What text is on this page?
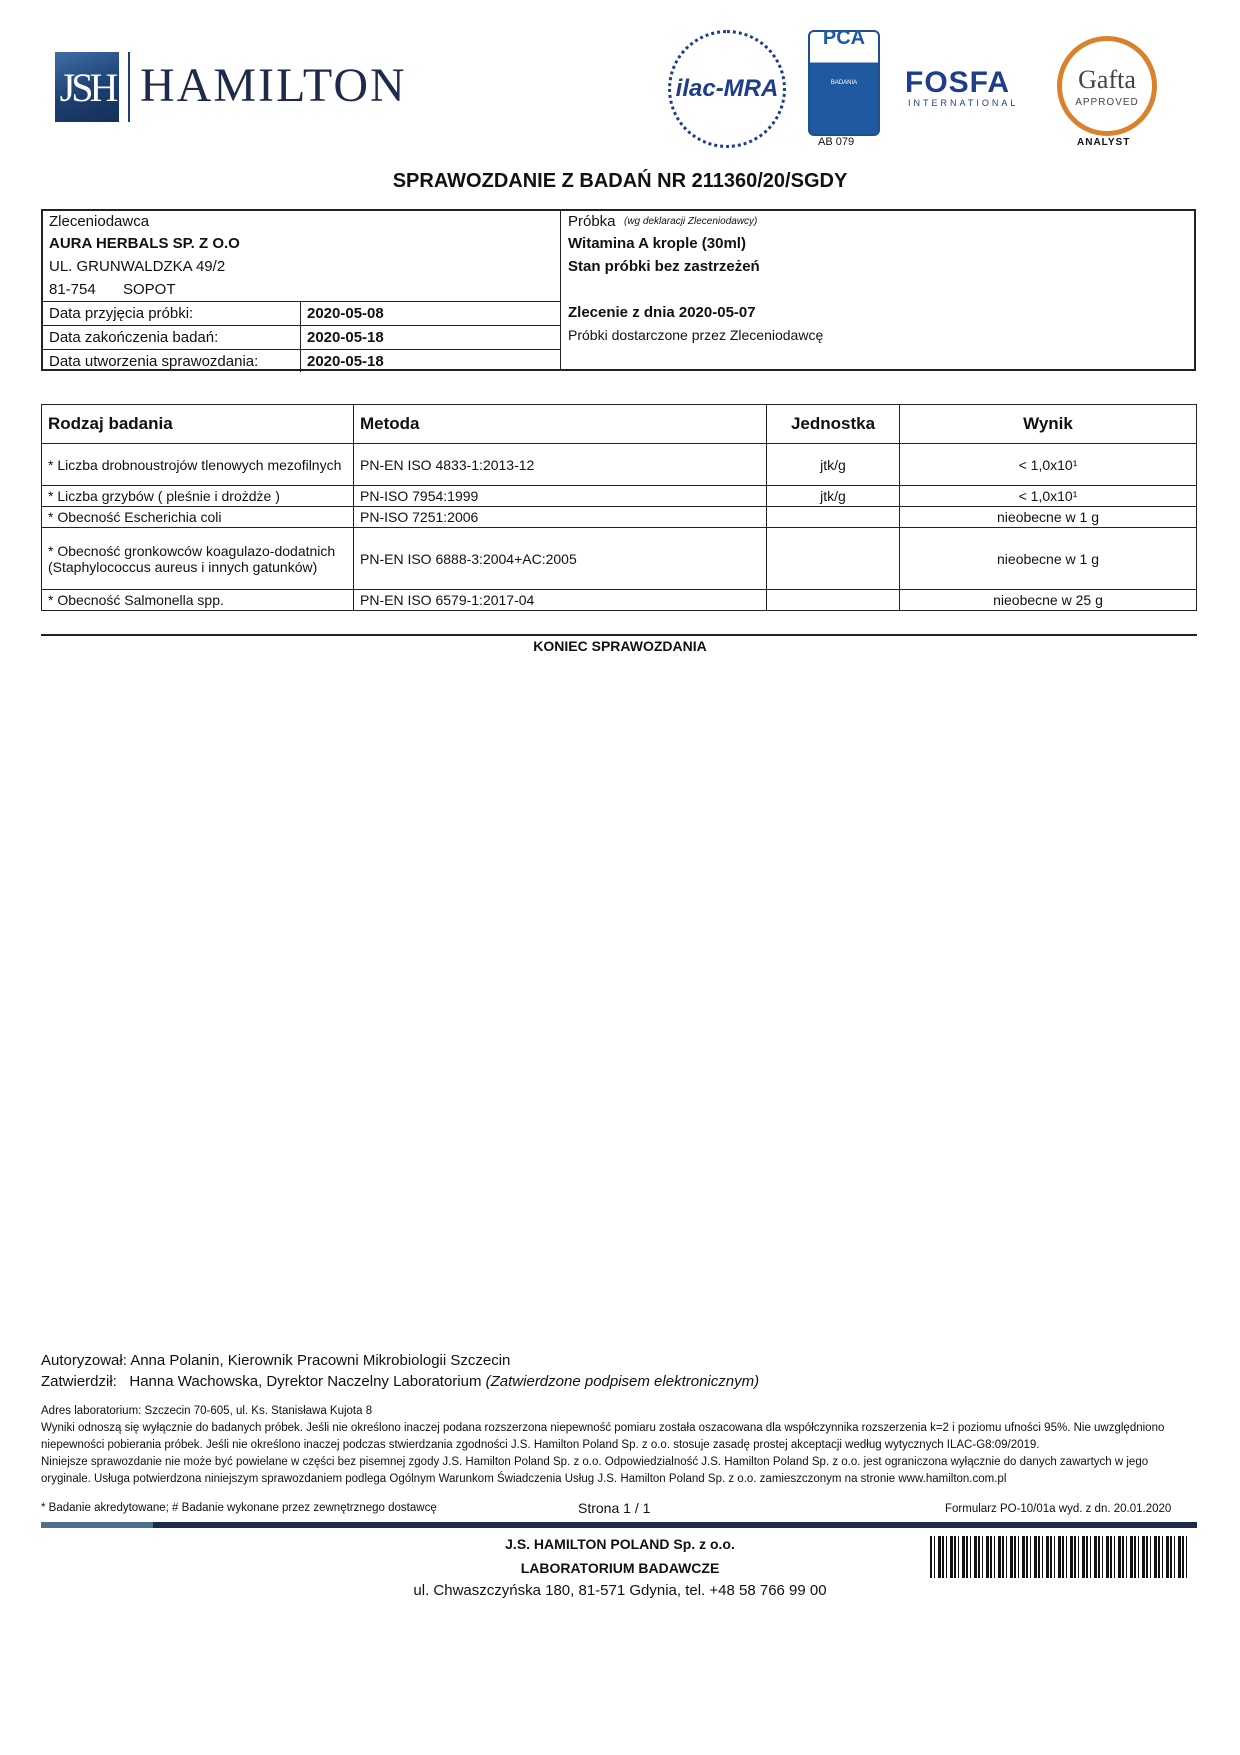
JSH HAMILTON	ilac-MRA
PCA
BADANIA
AB 079
FOSFA
INTERNATIONAL
Gafta
APPROVED
ANALYST
SPRAWOZDANIE Z BADAŃ NR 211360/20/SGDY
Zleceniodawca
AURA HERBALS SP. Z O.O
UL. GRUNWALDZKA 49/2
81-754 SOPOT
Data przyjęcia próbki:	2020-05-08
Data zakończenia badań:	2020-05-18
Data utworzenia sprawozdania:	2020-05-18
Próbka (wg deklaracji Zleceniodawcy)
Witamina A krople (30ml)
Stan próbki bez zastrzeżeń
Zlecenie z dnia 2020-05-07
Próbki dostarczone przez Zleceniodawcę
Rodzaj badania	Metoda	Jednostka	Wynik
* Liczba drobnoustrojów tlenowych mezofilnych	PN-EN ISO 4833-1:2013-12	jtk/g	< 1,0x10¹
* Liczba grzybów ( pleśnie i drożdże )	PN-ISO 7954:1999	jtk/g	< 1,0x10¹
* Obecność Escherichia coli	PN-ISO 7251:2006		nieobecne w 1 g
* Obecność gronkowców koagulazo-dodatnich (Staphylococcus aureus i innych gatunków)	PN-EN ISO 6888-3:2004+AC:2005		nieobecne w 1 g
* Obecność Salmonella spp.	PN-EN ISO 6579-1:2017-04		nieobecne w 25 g
KONIEC SPRAWOZDANIA
Autoryzował: Anna Polanin, Kierownik Pracowni Mikrobiologii Szczecin
Zatwierdził: Hanna Wachowska, Dyrektor Naczelny Laboratorium (Zatwierdzone podpisem elektronicznym)
Adres laboratorium: Szczecin 70-605, ul. Ks. Stanisława Kujota 8
Wyniki odnoszą się wyłącznie do badanych próbek. Jeśli nie określono inaczej podana rozszerzona niepewność pomiaru została oszacowana dla współczynnika rozszerzenia k=2 i poziomu ufności 95%. Nie uwzględniono niepewności pobierania próbek. Jeśli nie określono inaczej podczas stwierdzania zgodności J.S. Hamilton Poland Sp. z o.o. stosuje zasadę prostej akceptacji według wytycznych ILAC-G8:09/2019.
Niniejsze sprawozdanie nie może być powielane w części bez pisemnej zgody J.S. Hamilton Poland Sp. z o.o. Odpowiedzialność J.S. Hamilton Poland Sp. z o.o. jest ograniczona wyłącznie do danych zawartych w jego oryginale. Usługa potwierdzona niniejszym sprawozdaniem podlega Ogólnym Warunkom Świadczenia Usług J.S. Hamilton Poland Sp. z o.o. zamieszczonym na stronie www.hamilton.com.pl
* Badanie akredytowane; # Badanie wykonane przez zewnętrznego dostawcę	Strona 1 / 1	Formularz PO-10/01a wyd. z dn. 20.01.2020
J.S. HAMILTON POLAND Sp. z o.o.
LABORATORIUM BADAWCZE
ul. Chwaszczyńska 180, 81-571 Gdynia, tel. +48 58 766 99 00
